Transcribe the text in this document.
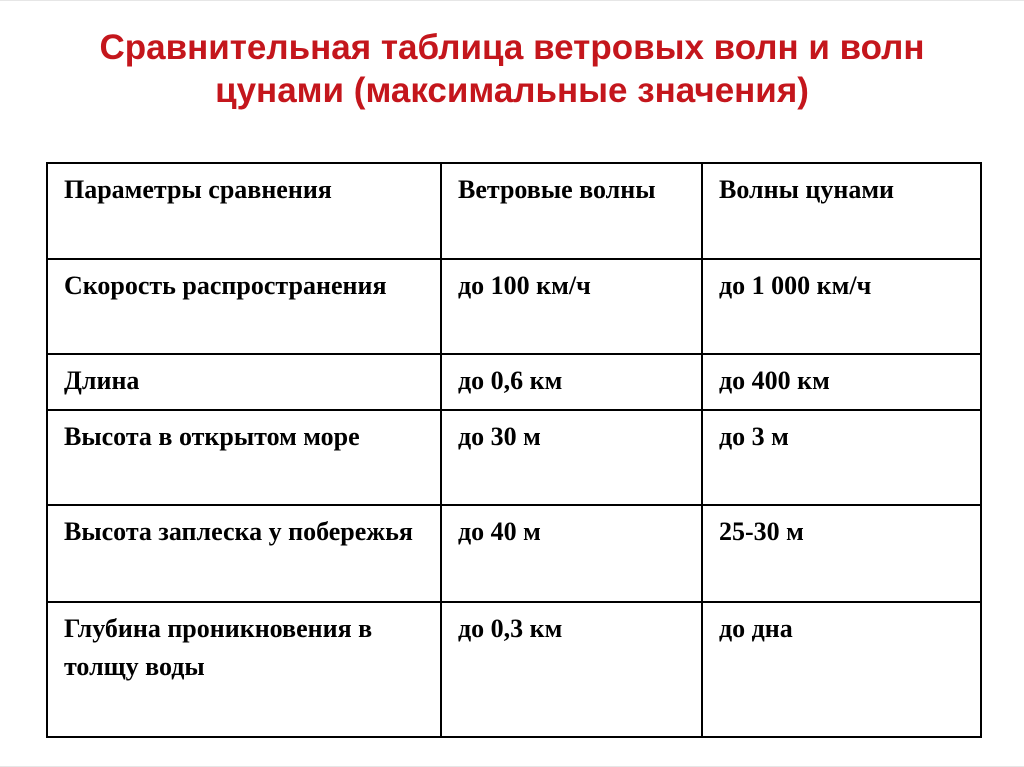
Сравнительная таблица ветровых волн и волн
цунами (максимальные значения)
Параметры сравнения	Ветровые волны	Волны цунами
Скорость распространения	до 100 км/ч	до 1 000 км/ч
Длина	до 0,6 км	до 400 км
Высота в открытом море	до 30 м	до 3 м
Высота заплеска у побережья	до 40 м	25-30 м
Глубина проникновения в толщу воды	до 0,3 км	до дна
